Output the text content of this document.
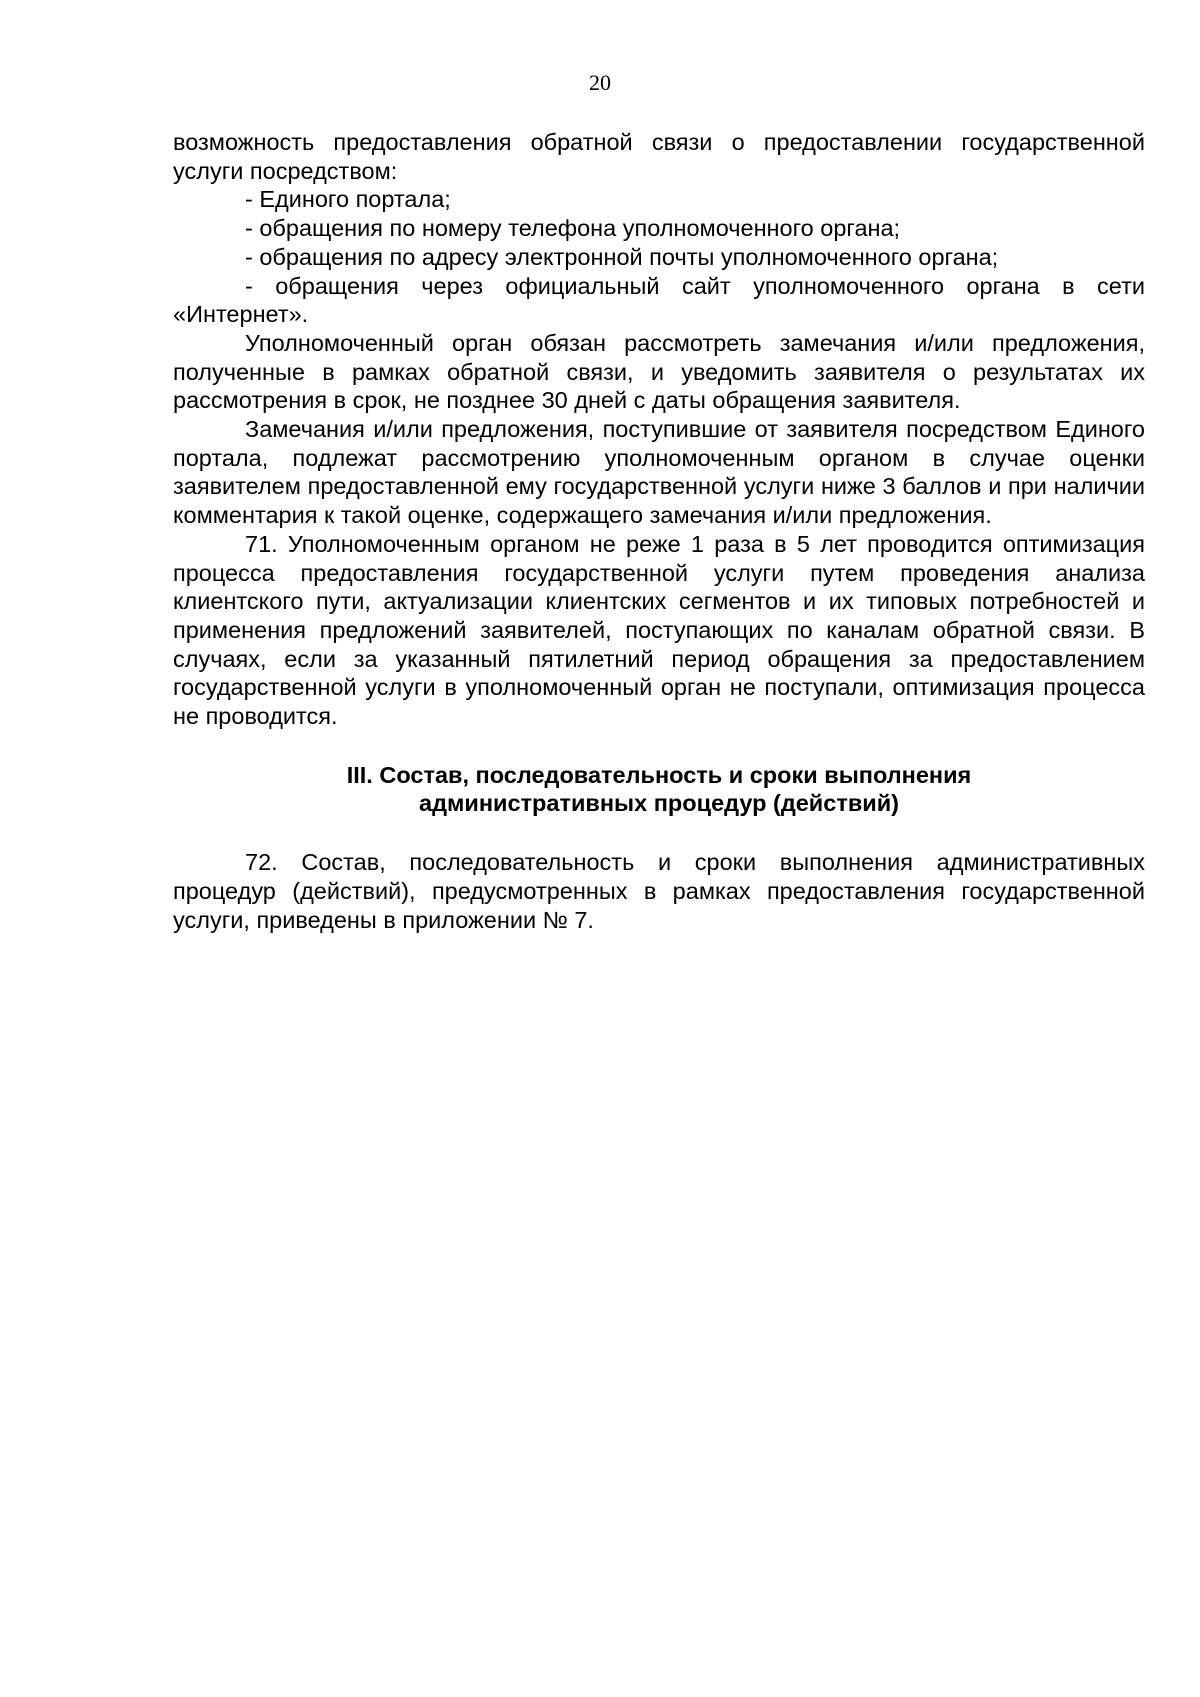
20

возможность предоставления обратной связи о предоставлении государственной услуги посредством:

- Единого портала;

- обращения по номеру телефона уполномоченного органа;

- обращения по адресу электронной почты уполномоченного органа;

- обращения через официальный сайт уполномоченного органа в сети «Интернет».

Уполномоченный орган обязан рассмотреть замечания и/или предложения, полученные в рамках обратной связи, и уведомить заявителя о результатах их рассмотрения в срок, не позднее 30 дней с даты обращения заявителя.

Замечания и/или предложения, поступившие от заявителя посредством Единого портала, подлежат рассмотрению уполномоченным органом в случае оценки заявителем предоставленной ему государственной услуги ниже 3 баллов и при наличии комментария к такой оценке, содержащего замечания и/или предложения.

71. Уполномоченным органом не реже 1 раза в 5 лет проводится оптимизация процесса предоставления государственной услуги путем проведения анализа клиентского пути, актуализации клиентских сегментов и их типовых потребностей и применения предложений заявителей, поступающих по каналам обратной связи. В случаях, если за указанный пятилетний период обращения за предоставлением государственной услуги в уполномоченный орган не поступали, оптимизация процесса не проводится.

III. Состав, последовательность и сроки выполнения
административных процедур (действий)

72. Состав, последовательность и сроки выполнения административных процедур (действий), предусмотренных в рамках предоставления государственной услуги, приведены в приложении № 7.
